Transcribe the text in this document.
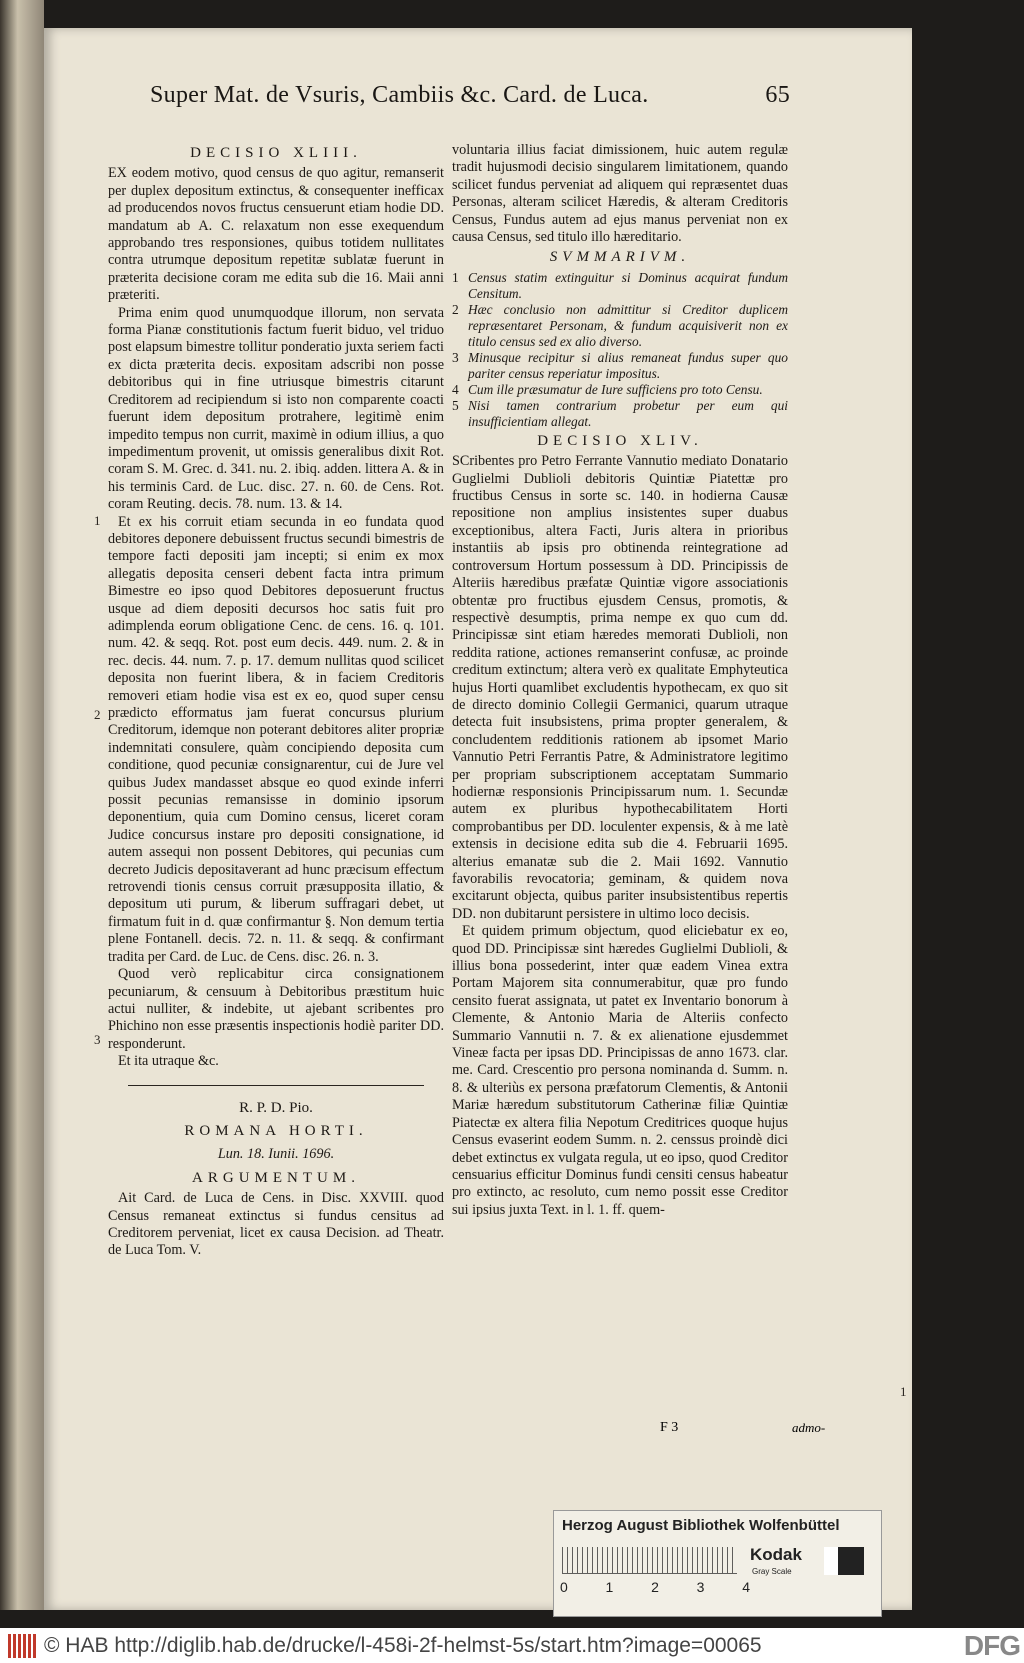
Super Mat. de Vsuris, Cambiis &c. Card. de Luca.	65

DECISIO XLIII.

EX eodem motivo, quod census de quo agitur, remanserit per duplex depositum extinctus, & consequenter inefficax ad producendos novos fructus censuerunt etiam hodie DD. mandatum ab A. C. relaxatum non esse exequendum approbando tres responsiones, quibus totidem nullitates contra utrumque depositum repetitæ sublatæ fuerunt in præterita decisione coram me edita sub die 16. Maii anni præteriti.

Prima enim quod unumquodque illorum, non servata forma Pianæ constitutionis factum fuerit biduo, vel triduo post elapsum bimestre tollitur ponderatio juxta seriem facti ex dicta præterita decis. expositam adscribi non posse debitoribus qui in fine utriusque bimestris citarunt Creditorem ad recipiendum si isto non comparente coacti fuerunt idem depositum protrahere, legitimè enim impedito tempus non currit, maximè in odium illius, a quo impedimentum provenit, ut omissis generalibus dixit Rot. coram S. M. Grec. d. 341. nu. 2. ibiq. adden. littera A. & in his terminis Card. de Luc. disc. 27. n. 60. de Cens. Rot. coram Reuting. decis. 78. num. 13. & 14.

Et ex his corruit etiam secunda in eo fundata quod debitores deponere debuissent fructus secundi bimestris de tempore facti depositi jam incepti; si enim ex mox allegatis deposita censeri debent facta intra primum Bimestre eo ipso quod Debitores deposuerunt fructus usque ad diem depositi decursos hoc satis fuit pro adimplenda eorum obligatione Cenc. de cens. 16. q. 101. num. 42. & seqq. Rot. post eum decis. 449. num. 2. & in rec. decis. 44. num. 7. p. 17. demum nullitas quod scilicet deposita non fuerint libera, & in faciem Creditoris removeri etiam hodie visa est ex eo, quod super censu prædicto efformatus jam fuerat concursus plurium Creditorum, idemque non poterant debitores aliter propriæ indemnitati consulere, quàm concipiendo deposita cum conditione, quod pecuniæ consignarentur, cui de Jure vel quibus Judex mandasset absque eo quod exinde inferri possit pecunias remansisse in dominio ipsorum deponentium, quia cum Domino census, liceret coram Judice concursus instare pro depositi consignatione, id autem assequi non possent Debitores, qui pecunias cum decreto Judicis depositaverant ad hunc præcisum effectum retrovendi tionis census corruit præsupposita illatio, & depositum uti purum, & liberum suffragari debet, ut firmatum fuit in d. quæ confirmantur §. Non demum tertia plene Fontanell. decis. 72. n. 11. & seqq. & confirmant tradita per Card. de Luc. de Cens. disc. 26. n. 3.

Quod verò replicabitur circa consignationem pecuniarum, & censuum à Debitoribus præstitum huic actui nulliter, & indebite, ut ajebant scribentes pro Phichino non esse præsentis inspectionis hodiè pariter DD. responderunt.

Et ita utraque &c.

R. P. D. Pio.

ROMANA HORTI.

Lun. 18. Iunii. 1696.

ARGUMENTUM.

Ait Card. de Luca de Cens. in Disc. XXVIII. quod Census remaneat extinctus si fundus censitus ad Creditorem perveniat, licet ex causa Decision. ad Theatr. de Luca Tom. V.

1
2
3

voluntaria illius faciat dimissionem, huic autem regulæ tradit hujusmodi decisio singularem limitationem, quando scilicet fundus perveniat ad aliquem qui repræsentet duas Personas, alteram scilicet Hæredis, & alteram Creditoris Census, Fundus autem ad ejus manus perveniat non ex causa Census, sed titulo illo hæreditario.

SVMMARIVM.

1 Census statim extinguitur si Dominus acquirat fundum Censitum.
2 Hæc conclusio non admittitur si Creditor duplicem repræsentaret Personam, & fundum acquisiverit non ex titulo census sed ex alio diverso.
3 Minusque recipitur si alius remaneat fundus super quo pariter census reperiatur impositus.
4 Cum ille præsumatur de Iure sufficiens pro toto Censu.
5 Nisi tamen contrarium probetur per eum qui insufficientiam allegat.

DECISIO XLIV.

SCribentes pro Petro Ferrante Vannutio mediato Donatario Guglielmi Dublioli debitoris Quintiæ Piatettæ pro fructibus Census in sorte sc. 140. in hodierna Causæ repositione non amplius insistentes super duabus exceptionibus, altera Facti, Juris altera in prioribus instantiis ab ipsis pro obtinenda reintegratione ad controversum Hortum possessum à DD. Principissis de Alteriis hæredibus præfatæ Quintiæ vigore associationis obtentæ pro fructibus ejusdem Census, promotis, & respectivè desumptis, prima nempe ex quo cum dd. Principissæ sint etiam hæredes memorati Dublioli, non reddita ratione, actiones remanserint confusæ, ac proinde creditum extinctum; altera verò ex qualitate Emphyteutica hujus Horti quamlibet excludentis hypothecam, ex quo sit de directo dominio Collegii Germanici, quarum utraque detecta fuit insubsistens, prima propter generalem, & concludentem redditionis rationem ab ipsomet Mario Vannutio Petri Ferrantis Patre, & Administratore legitimo per propriam subscriptionem acceptatam Summario hodiernæ responsionis Principissarum num. 1. Secundæ autem ex pluribus hypothecabilitatem Horti comprobantibus per DD. loculenter expensis, & à me latè extensis in decisione edita sub die 4. Februarii 1695. alterius emanatæ sub die 2. Maii 1692. Vannutio favorabilis revocatoria; geminam, & quidem nova excitarunt objecta, quibus pariter insubsistentibus repertis DD. non dubitarunt persistere in ultimo loco decisis.

Et quidem primum objectum, quod eliciebatur ex eo, quod DD. Principissæ sint hæredes Guglielmi Dublioli, & illius bona possederint, inter quæ eadem Vinea extra Portam Majorem sita connumerabitur, quæ pro fundo censito fuerat assignata, ut patet ex Inventario bonorum à Clemente, & Antonio Maria de Alteriis confecto Summario Vannutii n. 7. & ex alienatione ejusdemmet Vineæ facta per ipsas DD. Principissas de anno 1673. clar. me. Card. Crescentio pro persona nominanda d. Summ. n. 8. & ulteriùs ex persona præfatorum Clementis, & Antonii Mariæ hæredum substitutorum Catherinæ filiæ Quintiæ Piatectæ ex altera filia Nepotum Creditrices quoque hujus Census evaserint eodem Summ. n. 2. censsus proindè dici debet extinctus ex vulgata regula, ut eo ipso, quod Creditor censuarius efficitur Dominus fundi censiti census habeatur pro extincto, ac resoluto, cum nemo possit esse Creditor sui ipsius juxta Text. in l. 1. ff. quem-

1
F 3	admo-
Herzog August Bibliothek Wolfenbüttel
0	1	2	3	4
Kodak
Gray Scale
© HAB http://diglib.hab.de/drucke/l-458i-2f-helmst-5s/start.htm?image=00065	DFG
